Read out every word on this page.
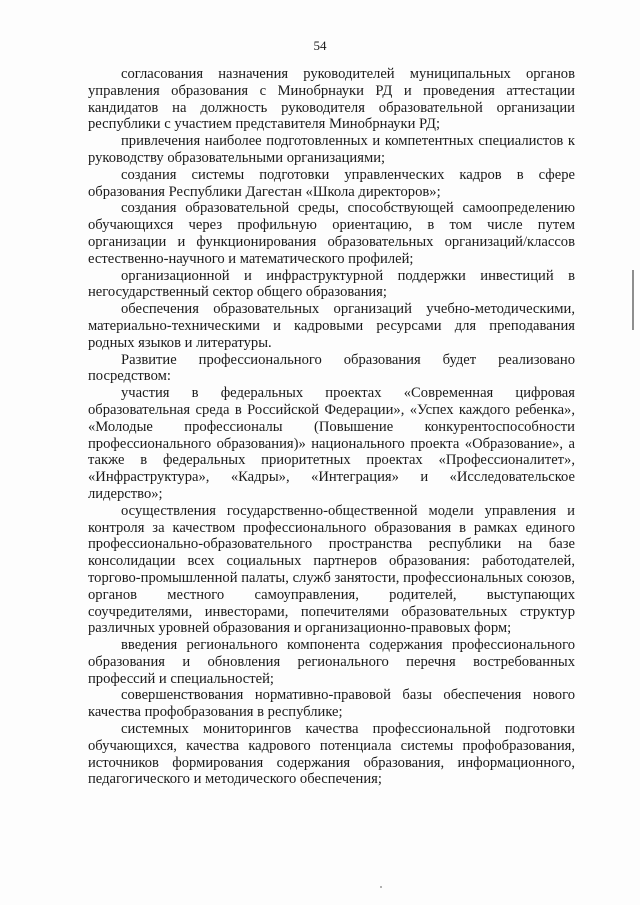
54

согласования назначения руководителей муниципальных органов управления образования с Минобрнауки РД и проведения аттестации кандидатов на должность руководителя образовательной организации республики с участием представителя Минобрнауки РД;

привлечения наиболее подготовленных и компетентных специалистов к руководству образовательными организациями;

создания системы подготовки управленческих кадров в сфере образования Республики Дагестан «Школа директоров»;

создания образовательной среды, способствующей самоопределению обучающихся через профильную ориентацию, в том числе путем организации и функционирования образовательных организаций/классов естественно-научного и математического профилей;

организационной и инфраструктурной поддержки инвестиций в негосударственный сектор общего образования;

обеспечения образовательных организаций учебно-методическими, материально-техническими и кадровыми ресурсами для преподавания родных языков и литературы.

Развитие профессионального образования будет реализовано посредством:

участия в федеральных проектах «Современная цифровая образовательная среда в Российской Федерации», «Успех каждого ребенка», «Молодые профессионалы (Повышение конкурентоспособности профессионального образования)» национального проекта «Образование», а также в федеральных приоритетных проектах «Профессионалитет», «Инфраструктура», «Кадры», «Интеграция» и «Исследовательское лидерство»;

осуществления государственно-общественной модели управления и контроля за качеством профессионального образования в рамках единого профессионально-образовательного пространства республики на базе консолидации всех социальных партнеров образования: работодателей, торгово-промышленной палаты, служб занятости, профессиональных союзов, органов местного самоуправления, родителей, выступающих соучредителями, инвесторами, попечителями образовательных структур различных уровней образования и организационно-правовых форм;

введения регионального компонента содержания профессионального образования и обновления регионального перечня востребованных профессий и специальностей;

совершенствования нормативно-правовой базы обеспечения нового качества профобразования в республике;

системных мониторингов качества профессиональной подготовки обучающихся, качества кадрового потенциала системы профобразования, источников формирования содержания образования, информационного, педагогического и методического обеспечения;
